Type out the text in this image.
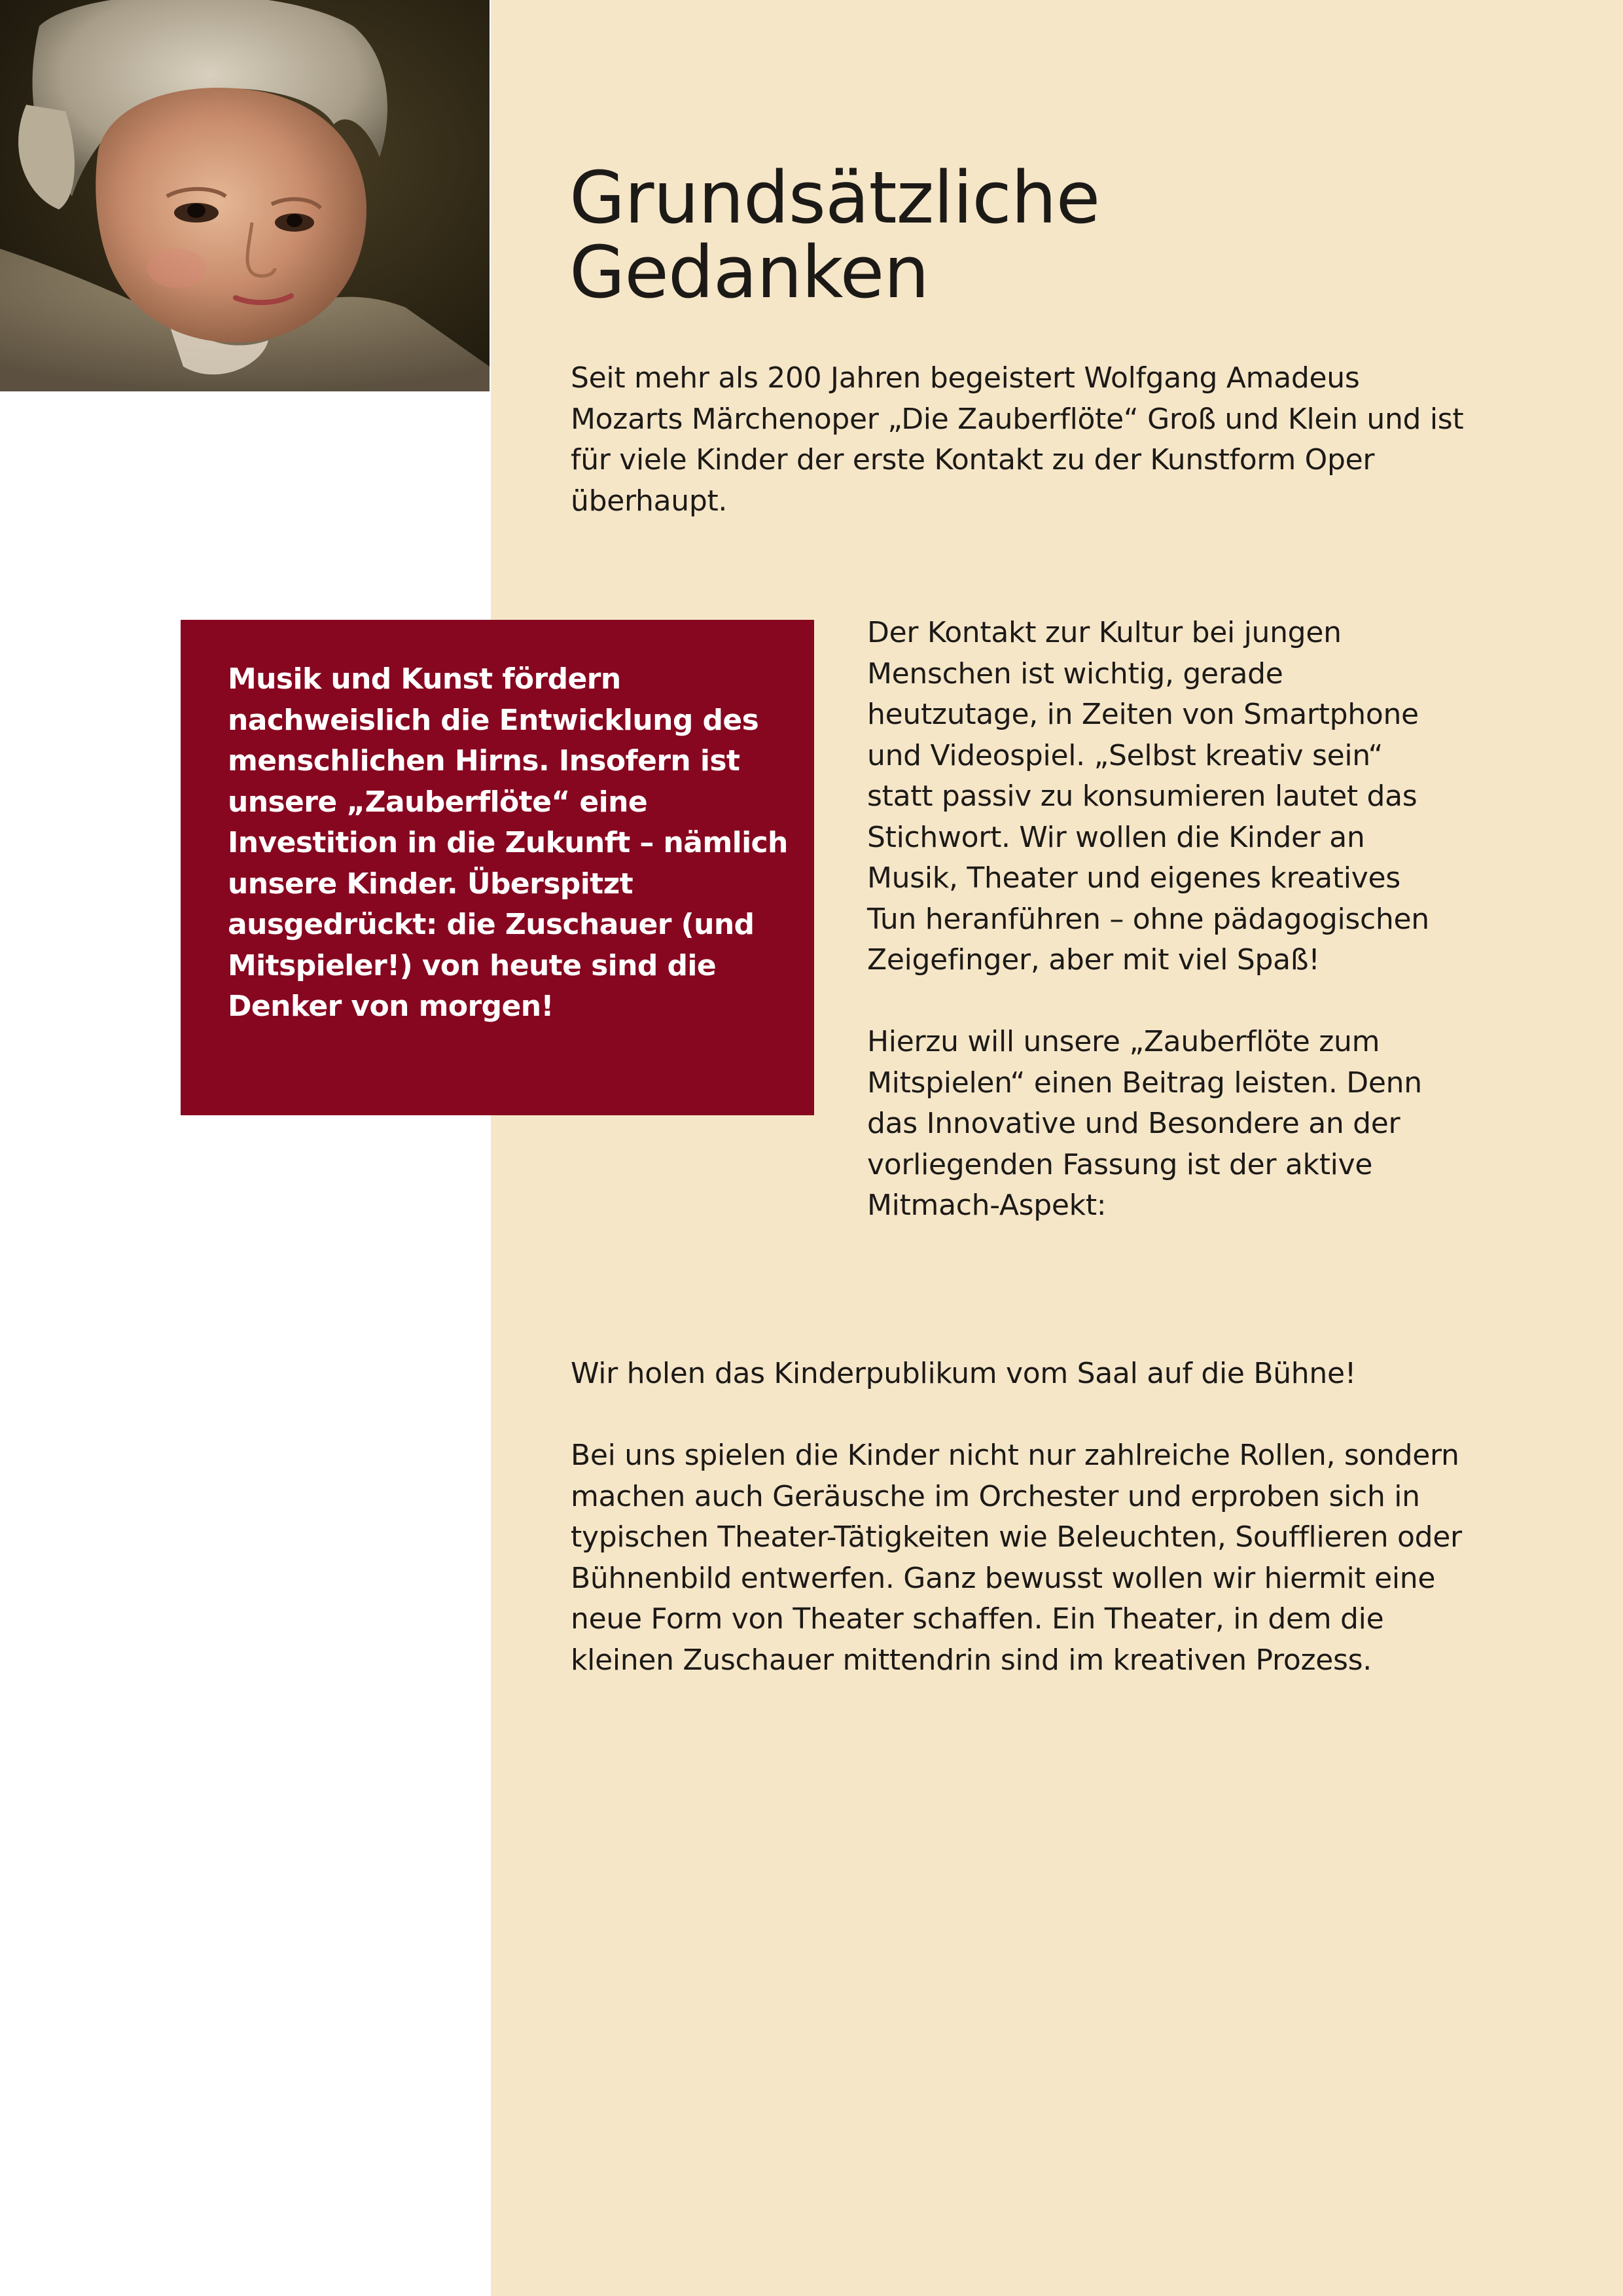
Grundsätzliche
Gedanken

Seit mehr als 200 Jahren begeistert Wolfgang Amadeus Mozarts Märchenoper „Die Zauberflöte“ Groß und Klein und ist für viele Kinder der erste Kontakt zu der Kunstform Oper überhaupt.

Musik und Kunst fördern nachweislich die Entwicklung des menschlichen Hirns. Insofern ist unsere „Zauberflöte“ eine Investition in die Zukunft – nämlich unsere Kinder. Überspitzt ausgedrückt: die Zuschauer (und Mitspieler!) von heute sind die Denker von morgen!

Der Kontakt zur Kultur bei jungen Menschen ist wichtig, gerade heutzutage, in Zeiten von Smartphone und Videospiel. „Selbst kreativ sein“ statt passiv zu konsumieren lautet das Stichwort. Wir wollen die Kinder an Musik, Theater und eigenes kreatives Tun heranführen – ohne pädagogischen Zeigefinger, aber mit viel Spaß!

Hierzu will unsere „Zauberflöte zum Mitspielen“ einen Beitrag leisten. Denn das Innovative und Besondere an der vorliegenden Fassung ist der aktive Mitmach-Aspekt:

Wir holen das Kinderpublikum vom Saal auf die Bühne!

Bei uns spielen die Kinder nicht nur zahlreiche Rollen, sondern machen auch Geräusche im Orchester und erproben sich in typischen Theater-Tätigkeiten wie Beleuchten, Soufflieren oder Bühnenbild entwerfen. Ganz bewusst wollen wir hiermit eine neue Form von Theater schaffen. Ein Theater, in dem die kleinen Zuschauer mittendrin sind im kreativen Prozess.
